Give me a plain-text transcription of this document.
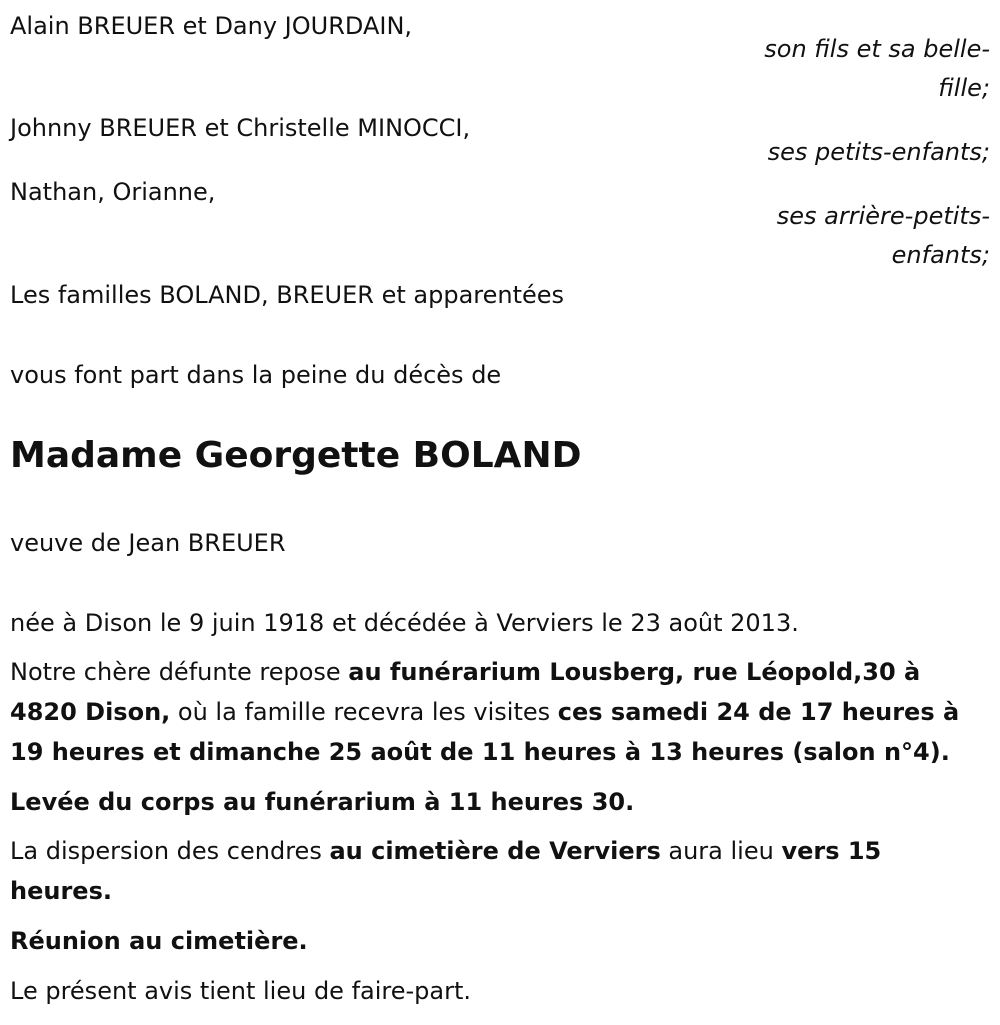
Alain BREUER et Dany JOURDAIN,
son fils et sa belle-fille;
Johnny BREUER et Christelle MINOCCI,
ses petits-enfants;
Nathan, Orianne,
ses arrière-petits-enfants;
Les familles BOLAND, BREUER et apparentées
vous font part dans la peine du décès de
Madame Georgette BOLAND
veuve de Jean BREUER
née à Dison le 9 juin 1918 et décédée à Verviers le 23 août 2013.
Notre chère défunte repose au funérarium Lousberg, rue Léopold,30 à 4820 Dison, où la famille recevra les visites ces samedi 24 de 17 heures à 19 heures et dimanche 25 août de 11 heures à 13 heures (salon n°4).
Levée du corps au funérarium à 11 heures 30.
La dispersion des cendres au cimetière de Verviers aura lieu vers 15 heures.
Réunion au cimetière.
Le présent avis tient lieu de faire-part.
